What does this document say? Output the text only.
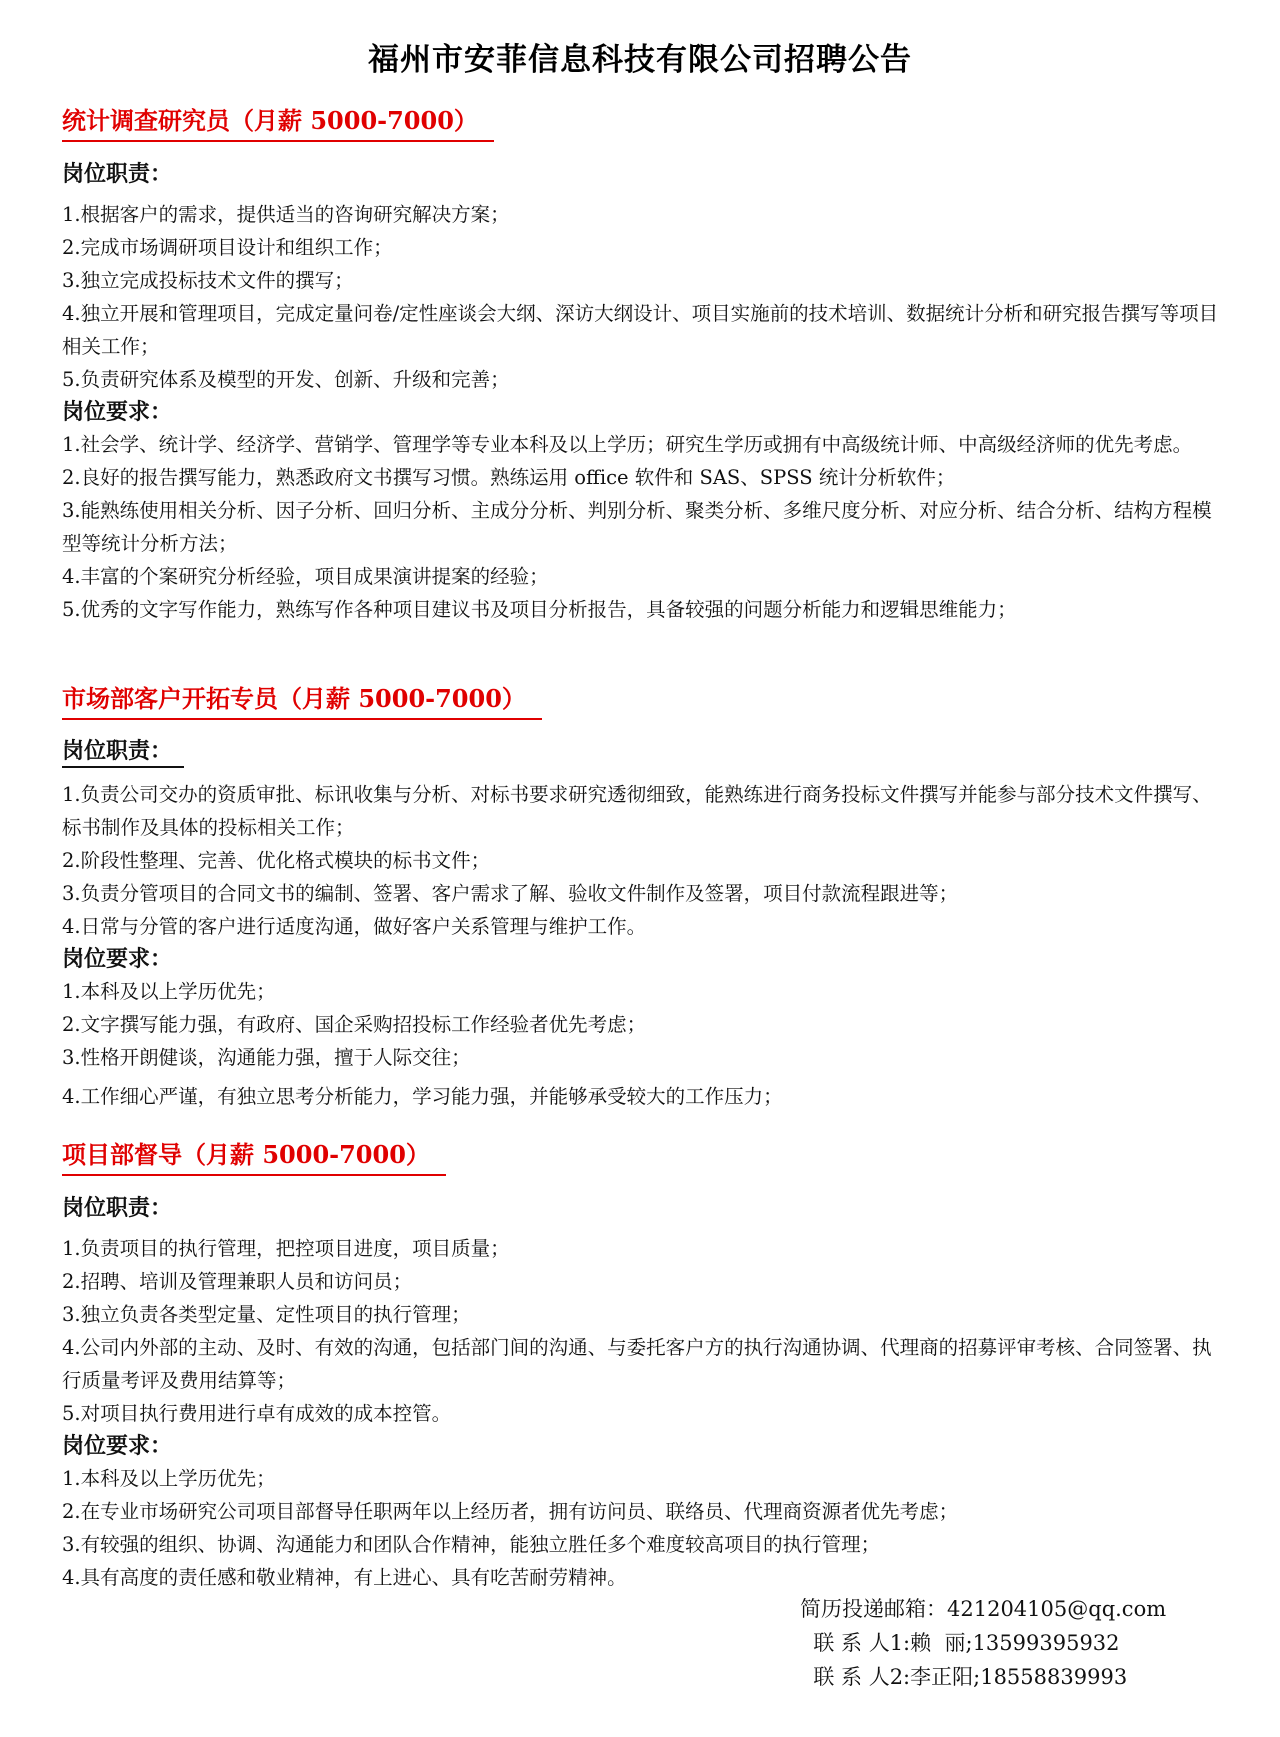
福州市安菲信息科技有限公司招聘公告
统计调查研究员（月薪 5000-7000）
岗位职责：

1.根据客户的需求，提供适当的咨询研究解决方案；

2.完成市场调研项目设计和组织工作；

3.独立完成投标技术文件的撰写；

4.独立开展和管理项目，完成定量问卷/定性座谈会大纲、深访大纲设计、项目实施前的技术培训、数据统计分析和研究报告撰写等项目相关工作；

5.负责研究体系及模型的开发、创新、升级和完善；

岗位要求：

1.社会学、统计学、经济学、营销学、管理学等专业本科及以上学历；研究生学历或拥有中高级统计师、中高级经济师的优先考虑。

2.良好的报告撰写能力，熟悉政府文书撰写习惯。熟练运用 office 软件和 SAS、SPSS 统计分析软件；

3.能熟练使用相关分析、因子分析、回归分析、主成分分析、判别分析、聚类分析、多维尺度分析、对应分析、结合分析、结构方程模型等统计分析方法；

4.丰富的个案研究分析经验，项目成果演讲提案的经验；

5.优秀的文字写作能力，熟练写作各种项目建议书及项目分析报告，具备较强的问题分析能力和逻辑思维能力；

市场部客户开拓专员（月薪 5000-7000）
岗位职责：

1.负责公司交办的资质审批、标讯收集与分析、对标书要求研究透彻细致，能熟练进行商务投标文件撰写并能参与部分技术文件撰写、标书制作及具体的投标相关工作；

2.阶段性整理、完善、优化格式模块的标书文件；

3.负责分管项目的合同文书的编制、签署、客户需求了解、验收文件制作及签署，项目付款流程跟进等；

4.日常与分管的客户进行适度沟通，做好客户关系管理与维护工作。

岗位要求：

1.本科及以上学历优先；

2.文字撰写能力强，有政府、国企采购招投标工作经验者优先考虑；

3.性格开朗健谈，沟通能力强，擅于人际交往；

4.工作细心严谨，有独立思考分析能力，学习能力强，并能够承受较大的工作压力；

项目部督导（月薪 5000-7000）
岗位职责：

1.负责项目的执行管理，把控项目进度，项目质量；

2.招聘、培训及管理兼职人员和访问员；

3.独立负责各类型定量、定性项目的执行管理；

4.公司内外部的主动、及时、有效的沟通，包括部门间的沟通、与委托客户方的执行沟通协调、代理商的招募评审考核、合同签署、执行质量考评及费用结算等；

5.对项目执行费用进行卓有成效的成本控管。

岗位要求：

1.本科及以上学历优先；

2.在专业市场研究公司项目部督导任职两年以上经历者，拥有访问员、联络员、代理商资源者优先考虑；

3.有较强的组织、协调、沟通能力和团队合作精神，能独立胜任多个难度较高项目的执行管理；

4.具有高度的责任感和敬业精神，有上进心、具有吃苦耐劳精神。

简历投递邮箱：421204105@qq.com
联 系 人1:赖  丽;13599395932
联 系 人2:李正阳;18558839993
